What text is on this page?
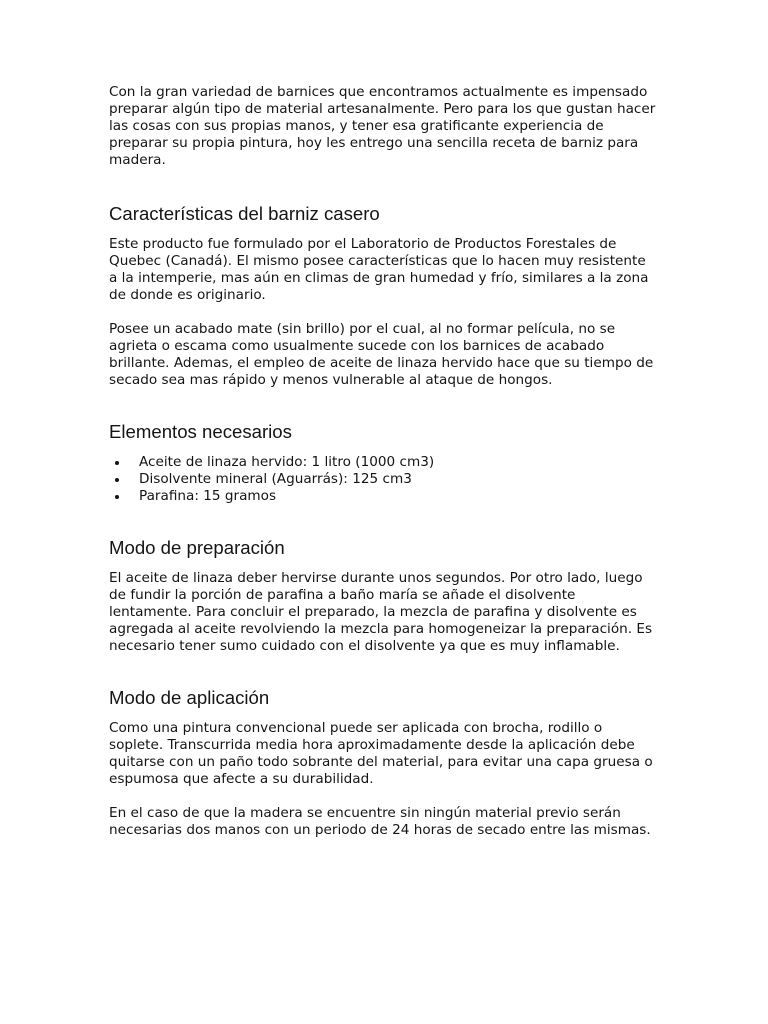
Con la gran variedad de barnices que encontramos actualmente es impensado preparar algún tipo de material artesanalmente. Pero para los que gustan hacer las cosas con sus propias manos, y tener esa gratificante experiencia de preparar su propia pintura, hoy les entrego una sencilla receta de barniz para madera.

Características del barniz casero

Este producto fue formulado por el Laboratorio de Productos Forestales de Quebec (Canadá). El mismo posee características que lo hacen muy resistente a la intemperie, mas aún en climas de gran humedad y frío, similares a la zona de donde es originario.

Posee un acabado mate (sin brillo) por el cual, al no formar película, no se agrieta o escama como usualmente sucede con los barnices de acabado brillante. Ademas, el empleo de aceite de linaza hervido hace que su tiempo de secado sea mas rápido y menos vulnerable al ataque de hongos.

Elementos necesarios
Aceite de linaza hervido: 1 litro (1000 cm3)
Disolvente mineral (Aguarrás): 125 cm3
Parafina: 15 gramos
Modo de preparación

El aceite de linaza deber hervirse durante unos segundos. Por otro lado, luego de fundir la porción de parafina a baño maría se añade el disolvente lentamente. Para concluir el preparado, la mezcla de parafina y disolvente es agregada al aceite revolviendo la mezcla para homogeneizar la preparación. Es necesario tener sumo cuidado con el disolvente ya que es muy inflamable.

Modo de aplicación

Como una pintura convencional puede ser aplicada con brocha, rodillo o soplete. Transcurrida media hora aproximadamente desde la aplicación debe quitarse con un paño todo sobrante del material, para evitar una capa gruesa o espumosa que afecte a su durabilidad.

En el caso de que la madera se encuentre sin ningún material previo serán necesarias dos manos con un periodo de 24 horas de secado entre las mismas.
